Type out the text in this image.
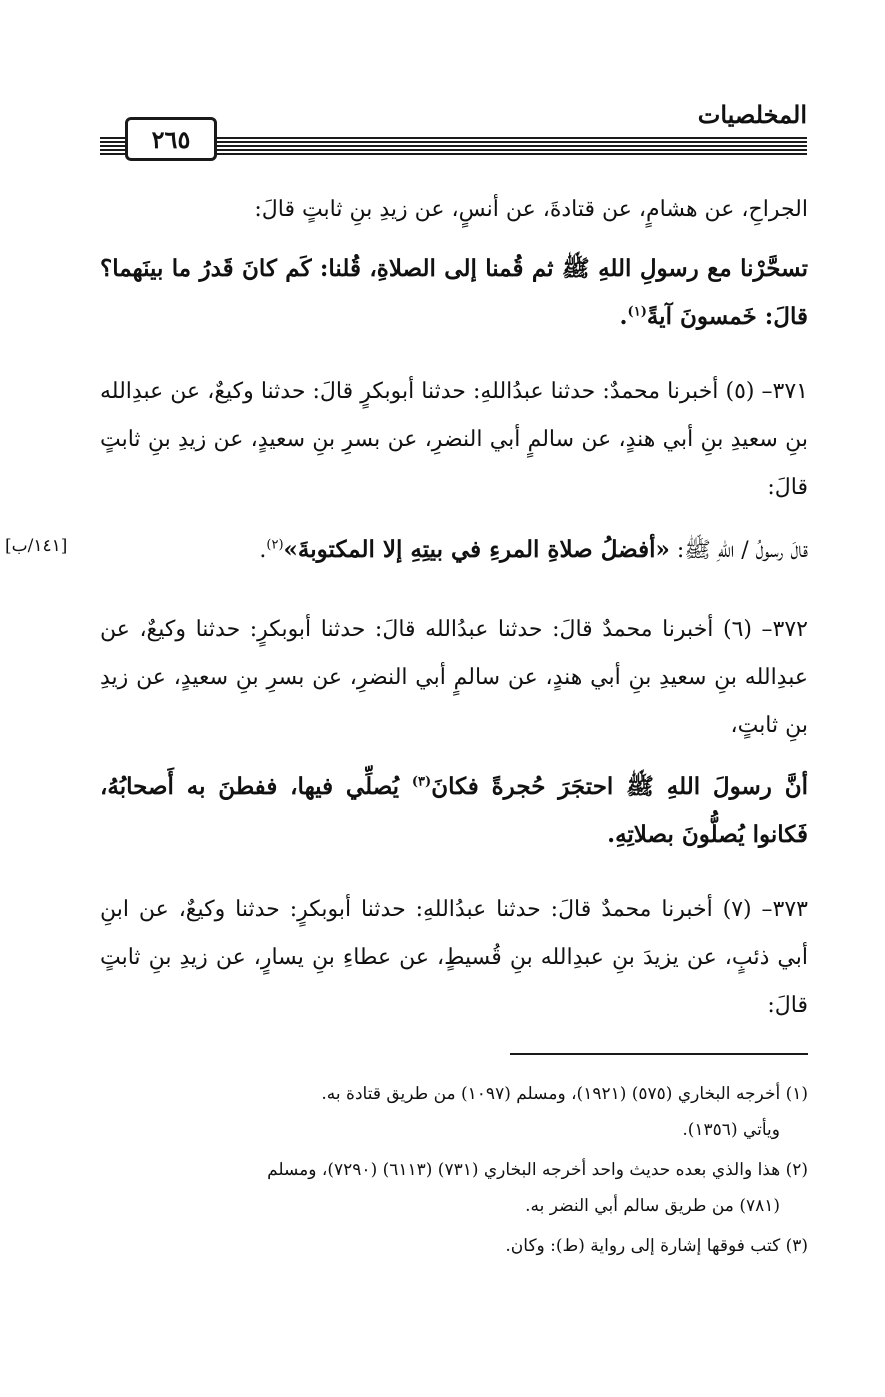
المخلصيات
٢٦٥
الجراحِ، عن هشامٍ، عن قتادةَ، عن أنسٍ، عن زيدِ بنِ ثابتٍ قالَ:
تسحَّرْنا مع رسولِ اللهِ ﷺ ثم قُمنا إلى الصلاةِ، قُلنا: كَم كانَ قَدرُ ما بينَهما؟ قالَ: خَمسونَ آيةً$^{(١)}$.
٣٧١– (٥) أخبرنا محمدٌ: حدثنا عبدُاللهِ: حدثنا أبوبكرٍ قالَ: حدثنا وكيعٌ، عن عبدِالله بنِ سعيدِ بنِ أبي هندٍ، عن سالمٍ أبي النضرِ، عن بسرِ بنِ سعيدٍ، عن زيدِ بنِ ثابتٍ قالَ:
قالَ رسولُ / اللهِ ﷺ: «أفضلُ صلاةِ المرءِ في بيتِهِ إلا المكتوبةَ»$^{(٢)}$.
[١٤١/ب]
٣٧٢– (٦) أخبرنا محمدٌ قالَ: حدثنا عبدُالله قالَ: حدثنا أبوبكرٍ: حدثنا وكيعٌ، عن عبدِالله بنِ سعيدِ بنِ أبي هندٍ، عن سالمٍ أبي النضرِ، عن بسرِ بنِ سعيدٍ، عن زيدِ بنِ ثابتٍ،
أنَّ رسولَ اللهِ ﷺ احتجَرَ حُجرةً فكانَ$^{(٣)}$ يُصلِّي فيها، ففطنَ به أَصحابُهُ، فَكانوا يُصلُّونَ بصلاتِهِ.
٣٧٣– (٧) أخبرنا محمدٌ قالَ: حدثنا عبدُاللهِ: حدثنا أبوبكرٍ: حدثنا وكيعٌ، عن ابنِ أبي ذئبٍ، عن يزيدَ بنِ عبدِالله بنِ قُسيطٍ، عن عطاءِ بنِ يسارٍ، عن زيدِ بنِ ثابتٍ قالَ:
(١) أخرجه البخاري (٥٧٥) (١٩٢١)، ومسلم (١٠٩٧) من طريق قتادة به.
ويأتي (١٣٥٦).
(٢) هذا والذي بعده حديث واحد أخرجه البخاري (٧٣١) (٦١١٣) (٧٢٩٠)، ومسلم
(٧٨١) من طريق سالم أبي النضر به.
(٣) كتب فوقها إشارة إلى رواية (ط): وكان.
